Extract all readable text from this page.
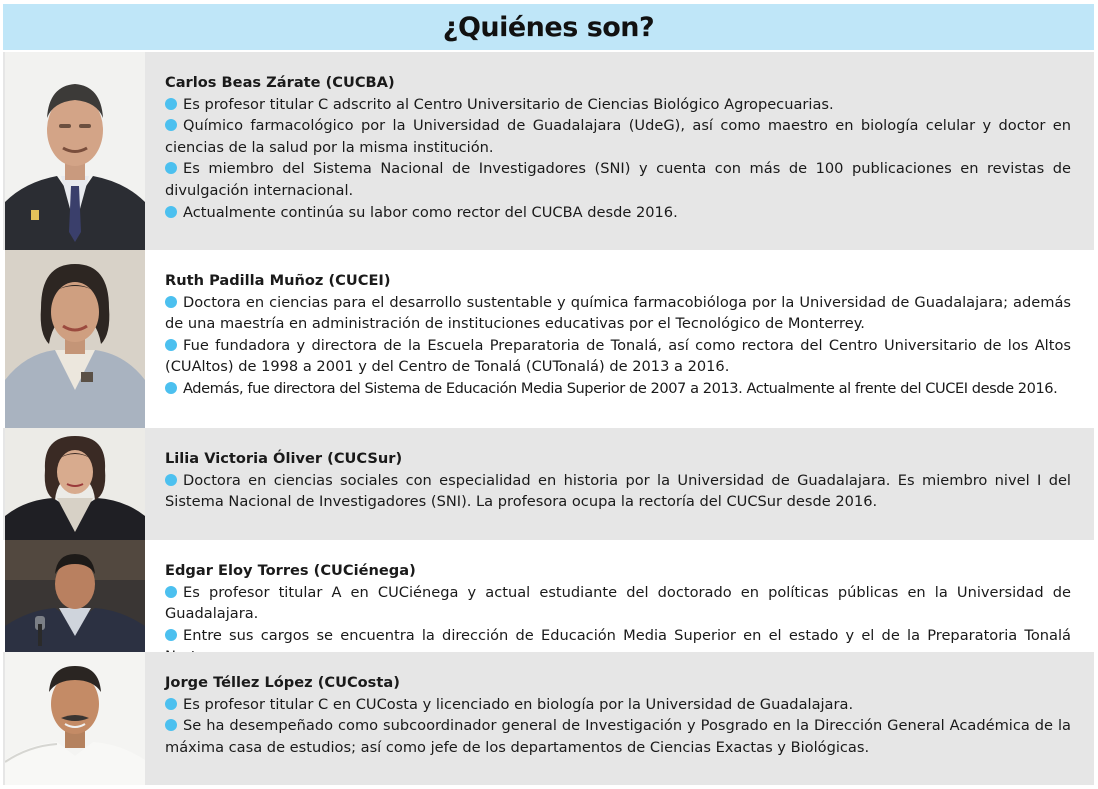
¿Quiénes son?

Carlos Beas Zárate (CUCBA)

Es profesor titular C adscrito al Centro Universitario de Ciencias Biológico Agropecuarias.

Químico farmacológico por la Universidad de Guadalajara (UdeG), así como maestro en biología celular y doctor en ciencias de la salud por la misma institución.

Es miembro del Sistema Nacional de Investigadores (SNI) y cuenta con más de 100 publicaciones en revistas de divulgación internacional.

Actualmente continúa su labor como rector del CUCBA desde 2016.

Ruth Padilla Muñoz (CUCEI)

Doctora en ciencias para el desarrollo sustentable y química farmacobióloga por la Universidad de Guadalajara; además de una maestría en administración de instituciones educativas por el Tecnológico de Monterrey.

Fue fundadora y directora de la Escuela Preparatoria de Tonalá, así como rectora del Centro Universitario de los Altos (CUAltos) de 1998 a 2001 y del Centro de Tonalá (CUTonalá) de 2013 a 2016.

Además, fue directora del Sistema de Educación Media Superior de 2007 a 2013. Actualmente al frente del CUCEI desde 2016.

Lilia Victoria Óliver (CUCSur)

Doctora en ciencias sociales con especialidad en historia por la Universidad de Guadalajara. Es miembro nivel I del Sistema Nacional de Investigadores (SNI). La profesora ocupa la rectoría del CUCSur desde 2016.

Edgar Eloy Torres (CUCiénega)

Es profesor titular A en CUCiénega y actual estudiante del doctorado en políticas públicas en la Universidad de Guadalajara.

Entre sus cargos se encuentra la dirección de Educación Media Superior en el estado y el de la Preparatoria Tonalá

Jorge Téllez López (CUCosta)

Es profesor titular C en CUCosta y licenciado en biología por la Universidad de Guadalajara.

Se ha desempeñado como subcoordinador general de Investigación y Posgrado en la Dirección General Académica de la máxima casa de estudios; así como jefe de los departamentos de Ciencias Exactas y Biológicas.
